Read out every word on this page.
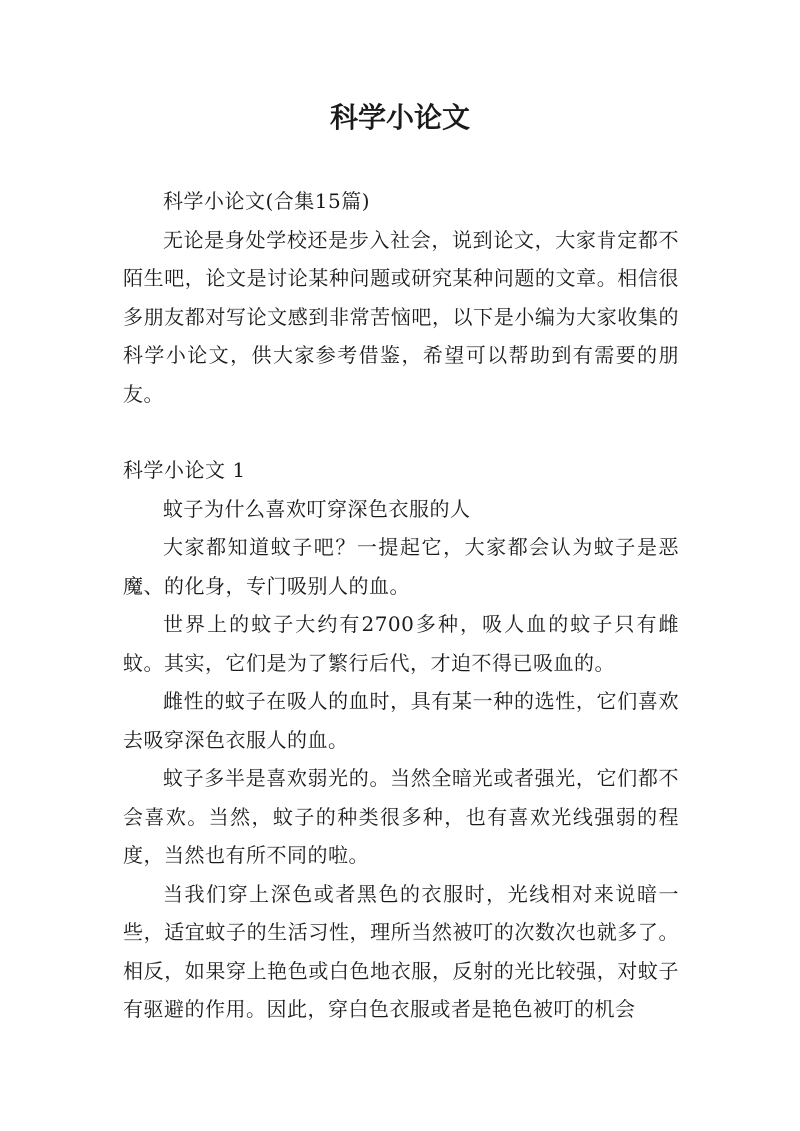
科学小论文

科学小论文(合集15篇)

无论是身处学校还是步入社会，说到论文，大家肯定都不陌生吧，论文是讨论某种问题或研究某种问题的文章。相信很多朋友都对写论文感到非常苦恼吧，以下是小编为大家收集的科学小论文，供大家参考借鉴，希望可以帮助到有需要的朋友。

科学小论文 1

蚊子为什么喜欢叮穿深色衣服的人

大家都知道蚊子吧？一提起它，大家都会认为蚊子是恶魔、的化身，专门吸别人的血。

世界上的蚊子大约有2700多种，吸人血的蚊子只有雌蚊。其实，它们是为了繁行后代，才迫不得已吸血的。

雌性的蚊子在吸人的血时，具有某一种的选性，它们喜欢去吸穿深色衣服人的血。

蚊子多半是喜欢弱光的。当然全暗光或者强光，它们都不会喜欢。当然，蚊子的种类很多种，也有喜欢光线强弱的程度，当然也有所不同的啦。

当我们穿上深色或者黑色的衣服时，光线相对来说暗一些，适宜蚊子的生活习性，理所当然被叮的次数次也就多了。相反，如果穿上艳色或白色地衣服，反射的光比较强，对蚊子有驱避的作用。因此，穿白色衣服或者是艳色被叮的机会
